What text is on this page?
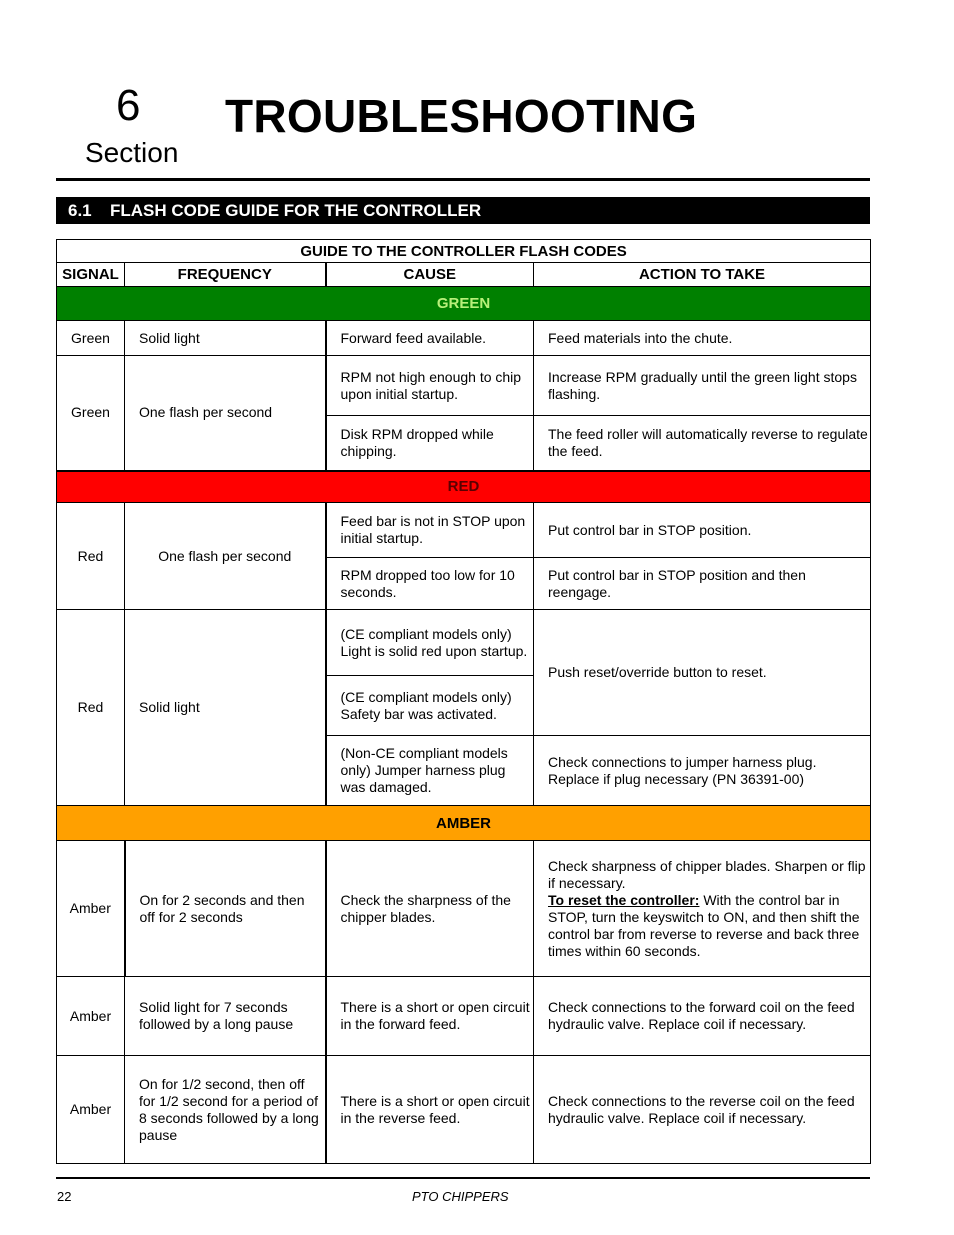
6
Section
TROUBLESHOOTING
6.1 FLASH CODE GUIDE FOR THE CONTROLLER
GUIDE TO THE CONTROLLER FLASH CODES			
SIGNAL	FREQUENCY	CAUSE	ACTION TO TAKE
GREEN			
Green	Solid light	Forward feed available.	Feed materials into the chute.
Green	One flash per second	RPM not high enough to chip upon initial startup.	Increase RPM gradually until the green light stops flashing.
		Disk RPM dropped while chipping.	The feed roller will automatically reverse to regulate the feed.
RED			
Red	One flash per second	Feed bar is not in STOP upon initial startup.	Put control bar in STOP position.
		RPM dropped too low for 10 seconds.	Put control bar in STOP position and then reengage.
Red	Solid light	(CE compliant models only) Light is solid red upon startup.	Push reset/override button to reset.
		(CE compliant models only) Safety bar was activated.	
		(Non-CE compliant models only) Jumper harness plug was damaged.	Check connections to jumper harness plug. Replace if plug necessary (PN 36391-00)
AMBER			
Amber	On for 2 seconds and then off for 2 seconds	Check the sharpness of the chipper blades.	Check sharpness of chipper blades. Sharpen or flip if necessary.
To reset the controller: With the control bar in STOP, turn the keyswitch to ON, and then shift the control bar from reverse to reverse and back three times within 60 seconds.
Amber	Solid light for 7 seconds followed by a long pause	There is a short or open circuit in the forward feed.	Check connections to the forward coil on the feed hydraulic valve. Replace coil if necessary.
Amber	On for 1/2 second, then off for 1/2 second for a period of 8 seconds followed by a long pause	There is a short or open circuit in the reverse feed.	Check connections to the reverse coil on the feed hydraulic valve. Replace coil if necessary.
22	PTO CHIPPERS
